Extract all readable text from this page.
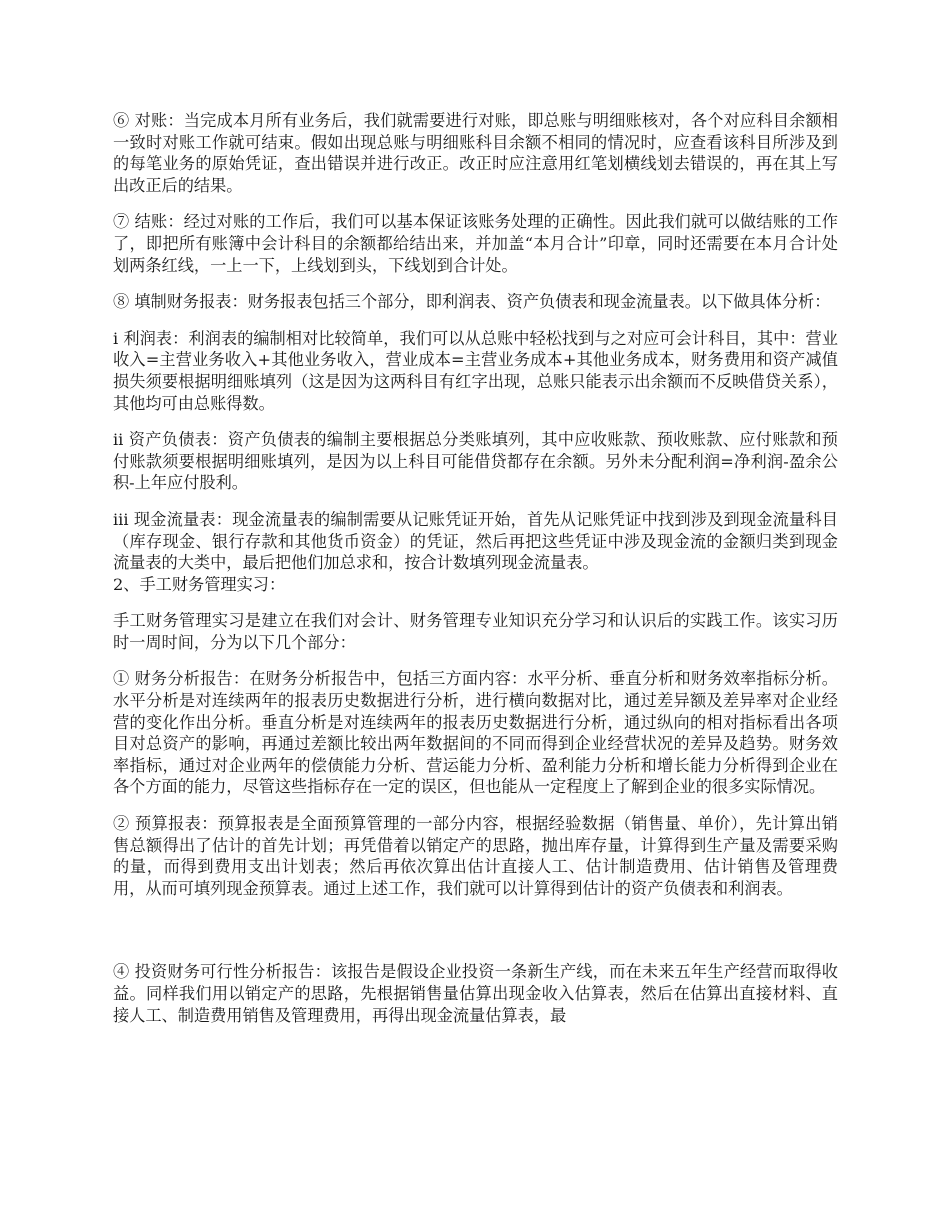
⑥ 对账：当完成本月所有业务后，我们就需要进行对账，即总账与明细账核对，各个对应科目余额相一致时对账工作就可结束。假如出现总账与明细账科目余额不相同的情况时，应查看该科目所涉及到的每笔业务的原始凭证，查出错误并进行改正。改正时应注意用红笔划横线划去错误的，再在其上写出改正后的结果。

⑦ 结账：经过对账的工作后，我们可以基本保证该账务处理的正确性。因此我们就可以做结账的工作了，即把所有账簿中会计科目的余额都给结出来，并加盖“本月合计”印章，同时还需要在本月合计处划两条红线，一上一下，上线划到头，下线划到合计处。

⑧ 填制财务报表：财务报表包括三个部分，即利润表、资产负债表和现金流量表。以下做具体分析：

i 利润表：利润表的编制相对比较简单，我们可以从总账中轻松找到与之对应可会计科目，其中：营业收入=主营业务收入+其他业务收入，营业成本=主营业务成本+其他业务成本，财务费用和资产减值损失须要根据明细账填列（这是因为这两科目有红字出现，总账只能表示出余额而不反映借贷关系），其他均可由总账得数。

ii 资产负债表：资产负债表的编制主要根据总分类账填列，其中应收账款、预收账款、应付账款和预付账款须要根据明细账填列，是因为以上科目可能借贷都存在余额。另外未分配利润=净利润-盈余公积-上年应付股利。

iii 现金流量表：现金流量表的编制需要从记账凭证开始，首先从记账凭证中找到涉及到现金流量科目（库存现金、银行存款和其他货币资金）的凭证，然后再把这些凭证中涉及现金流的金额归类到现金流量表的大类中，最后把他们加总求和，按合计数填列现金流量表。

2、手工财务管理实习：

手工财务管理实习是建立在我们对会计、财务管理专业知识充分学习和认识后的实践工作。该实习历时一周时间，分为以下几个部分：

① 财务分析报告：在财务分析报告中，包括三方面内容：水平分析、垂直分析和财务效率指标分析。水平分析是对连续两年的报表历史数据进行分析，进行横向数据对比，通过差异额及差异率对企业经营的变化作出分析。垂直分析是对连续两年的报表历史数据进行分析，通过纵向的相对指标看出各项目对总资产的影响，再通过差额比较出两年数据间的不同而得到企业经营状况的差异及趋势。财务效率指标，通过对企业两年的偿债能力分析、营运能力分析、盈利能力分析和增长能力分析得到企业在各个方面的能力，尽管这些指标存在一定的误区，但也能从一定程度上了解到企业的很多实际情况。

② 预算报表：预算报表是全面预算管理的一部分内容，根据经验数据（销售量、单价），先计算出销售总额得出了估计的首先计划；再凭借着以销定产的思路，抛出库存量，计算得到生产量及需要采购的量，而得到费用支出计划表；然后再依次算出估计直接人工、估计制造费用、估计销售及管理费用，从而可填列现金预算表。通过上述工作，我们就可以计算得到估计的资产负债表和利润表。

④ 投资财务可行性分析报告：该报告是假设企业投资一条新生产线，而在未来五年生产经营而取得收益。同样我们用以销定产的思路，先根据销售量估算出现金收入估算表，然后在估算出直接材料、直接人工、制造费用销售及管理费用，再得出现金流量估算表，最
